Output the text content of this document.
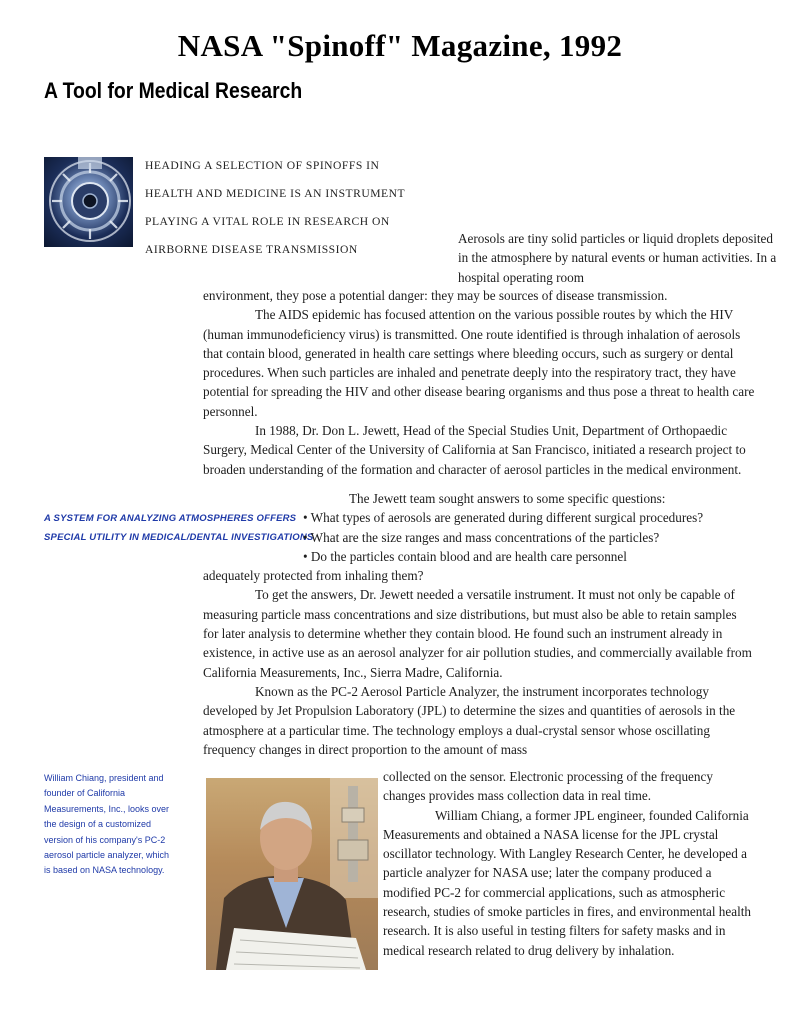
NASA "Spinoff" Magazine, 1992
A Tool for Medical Research
HEADING A SELECTION OF SPINOFFS IN
HEALTH AND MEDICINE IS AN INSTRUMENT
PLAYING A VITAL ROLE IN RESEARCH ON
AIRBORNE DISEASE TRANSMISSION

Aerosols are tiny solid particles or liquid droplets deposited in the atmosphere by natural events or human activities. In a hospital operating room

environment, they pose a potential danger: they may be sources of disease transmission.
The AIDS epidemic has focused attention on the various possible routes by which the HIV (human immunodeficiency virus) is transmitted. One route identified is through inhalation of aerosols that contain blood, generated in health care settings where bleeding occurs, such as surgery or dental procedures. When such particles are inhaled and penetrate deeply into the respiratory tract, they have potential for spreading the HIV and other disease bearing organisms and thus pose a threat to health care personnel.
In 1988, Dr. Don L. Jewett, Head of the Special Studies Unit, Department of Orthopaedic Surgery, Medical Center of the University of California at San Francisco, initiated a research project to broaden understanding of the formation and character of aerosol particles in the medical environment.
A SYSTEM FOR ANALYZING ATMOSPHERES OFFERS
SPECIAL UTILITY IN MEDICAL/DENTAL INVESTIGATIONS
The Jewett team sought answers to some specific questions:
• What types of aerosols are generated during different surgical procedures?
• What are the size ranges and mass concentrations of the particles?
• Do the particles contain blood and are health care personnel
adequately protected from inhaling them?
To get the answers, Dr. Jewett needed a versatile instrument. It must not only be capable of measuring particle mass concentrations and size distributions, but must also be able to retain samples for later analysis to determine whether they contain blood. He found such an instrument already in existence, in active use as an aerosol analyzer for air pollution studies, and commercially available from California Measurements, Inc., Sierra Madre, California.
Known as the PC-2 Aerosol Particle Analyzer, the instrument incorporates technology developed by Jet Propulsion Laboratory (JPL) to determine the sizes and quantities of aerosols in the atmosphere at a particular time. The technology employs a dual-crystal sensor whose oscillating frequency changes in direct proportion to the amount of mass
William Chiang, president and founder of California Measurements, Inc., looks over the design of a customized version of his company's PC-2 aerosol particle analyzer, which is based on NASA technology.
collected on the sensor. Electronic processing of the frequency changes provides mass collection data in real time.
William Chiang, a former JPL engineer, founded California Measurements and obtained a NASA license for the JPL crystal oscillator technology. With Langley Research Center, he developed a particle analyzer for NASA use; later the company produced a modified PC-2 for commercial applications, such as atmospheric research, studies of smoke particles in fires, and environmental health research. It is also useful in testing filters for safety masks and in medical research related to drug delivery by inhalation.
